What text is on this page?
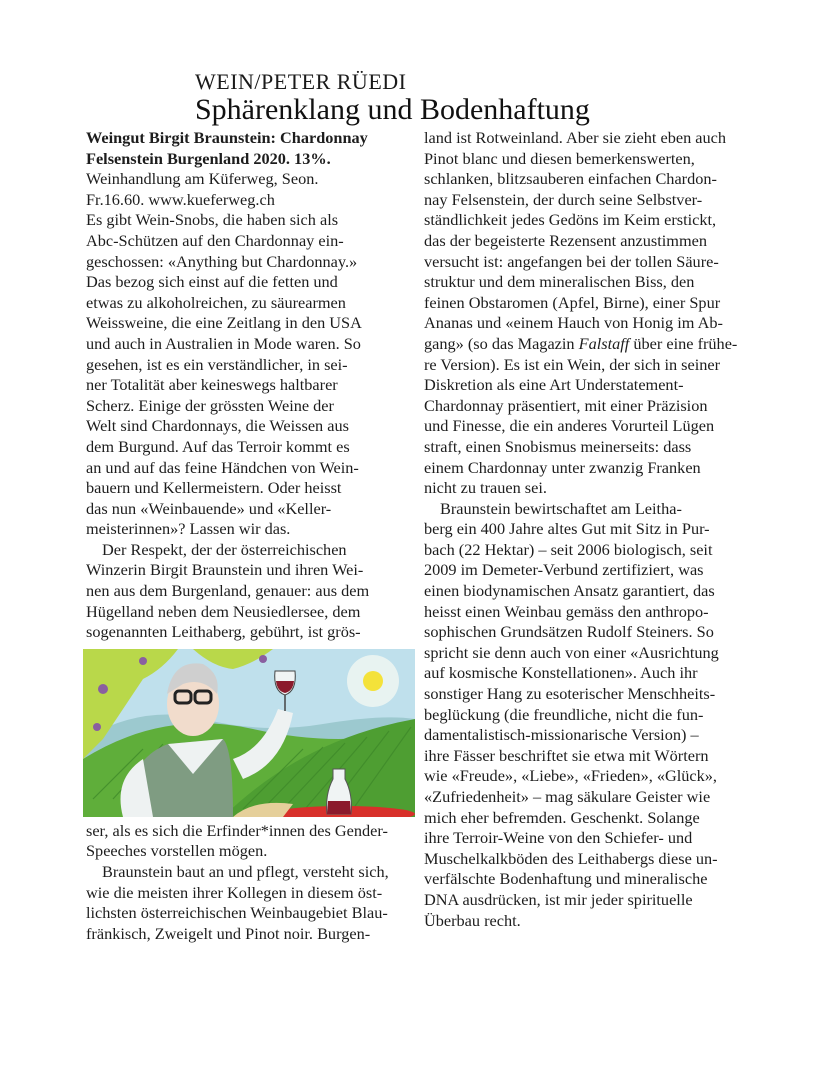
WEIN/PETER RÜEDI
Sphärenklang und Bodenhaftung
Weingut Birgit Braunstein: Chardonnay
Felsenstein Burgenland 2020. 13%.
Weinhandlung am Küferweg, Seon.
Fr.16.60. www.kueferweg.ch
Es gibt Wein-Snobs, die haben sich als
Abc-Schützen auf den Chardonnay ein-
geschossen: «Anything but Chardonnay.»
Das bezog sich einst auf die fetten und
etwas zu alkoholreichen, zu säurearmen
Weissweine, die eine Zeitlang in den USA
und auch in Australien in Mode waren. So
gesehen, ist es ein verständlicher, in sei-
ner Totalität aber keineswegs haltbarer
Scherz. Einige der grössten Weine der
Welt sind Chardonnays, die Weissen aus
dem Burgund. Auf das Terroir kommt es
an und auf das feine Händchen von Wein-
bauern und Kellermeistern. Oder heisst
das nun «Weinbauende» und «Keller-
meisterinnen»? Lassen wir das.
Der Respekt, der der österreichischen
Winzerin Birgit Braunstein und ihren Wei-
nen aus dem Burgenland, genauer: aus dem
Hügelland neben dem Neusiedlersee, dem
sogenannten Leithaberg, gebührt, ist grös-
ser, als es sich die Erfinder*innen des Gender-
Speeches vorstellen mögen.
Braunstein baut an und pflegt, versteht sich,
wie die meisten ihrer Kollegen in diesem öst-
lichsten österreichischen Weinbaugebiet Blau-
fränkisch, Zweigelt und Pinot noir. Burgen-
land ist Rotweinland. Aber sie zieht eben auch
Pinot blanc und diesen bemerkenswerten,
schlanken, blitzsauberen einfachen Chardon-
nay Felsenstein, der durch seine Selbstver-
ständlichkeit jedes Gedöns im Keim erstickt,
das der begeisterte Rezensent anzustimmen
versucht ist: angefangen bei der tollen Säure-
struktur und dem mineralischen Biss, den
feinen Obstaromen (Apfel, Birne), einer Spur
Ananas und «einem Hauch von Honig im Ab-
gang» (so das Magazin Falstaff über eine frühe-
re Version). Es ist ein Wein, der sich in seiner
Diskretion als eine Art Understatement-
Chardonnay präsentiert, mit einer Präzision
und Finesse, die ein anderes Vorurteil Lügen
straft, einen Snobismus meinerseits: dass
einem Chardonnay unter zwanzig Franken
nicht zu trauen sei.
Braunstein bewirtschaftet am Leitha-
berg ein 400 Jahre altes Gut mit Sitz in Pur-
bach (22 Hektar) – seit 2006 biologisch, seit
2009 im Demeter-Verbund zertifiziert, was
einen biodynamischen Ansatz garantiert, das
heisst einen Weinbau gemäss den anthropo-
sophischen Grundsätzen Rudolf Steiners. So
spricht sie denn auch von einer «Ausrichtung
auf kosmische Konstellationen». Auch ihr
sonstiger Hang zu esoterischer Menschheits-
beglückung (die freundliche, nicht die fun-
damentalistisch-missionarische Version) –
ihre Fässer beschriftet sie etwa mit Wörtern
wie «Freude», «Liebe», «Frieden», «Glück»,
«Zufriedenheit» – mag säkulare Geister wie
mich eher befremden. Geschenkt. Solange
ihre Terroir-Weine von den Schiefer- und
Muschelkalkböden des Leithabergs diese un-
verfälschte Bodenhaftung und mineralische
DNA ausdrücken, ist mir jeder spirituelle
Überbau recht.
